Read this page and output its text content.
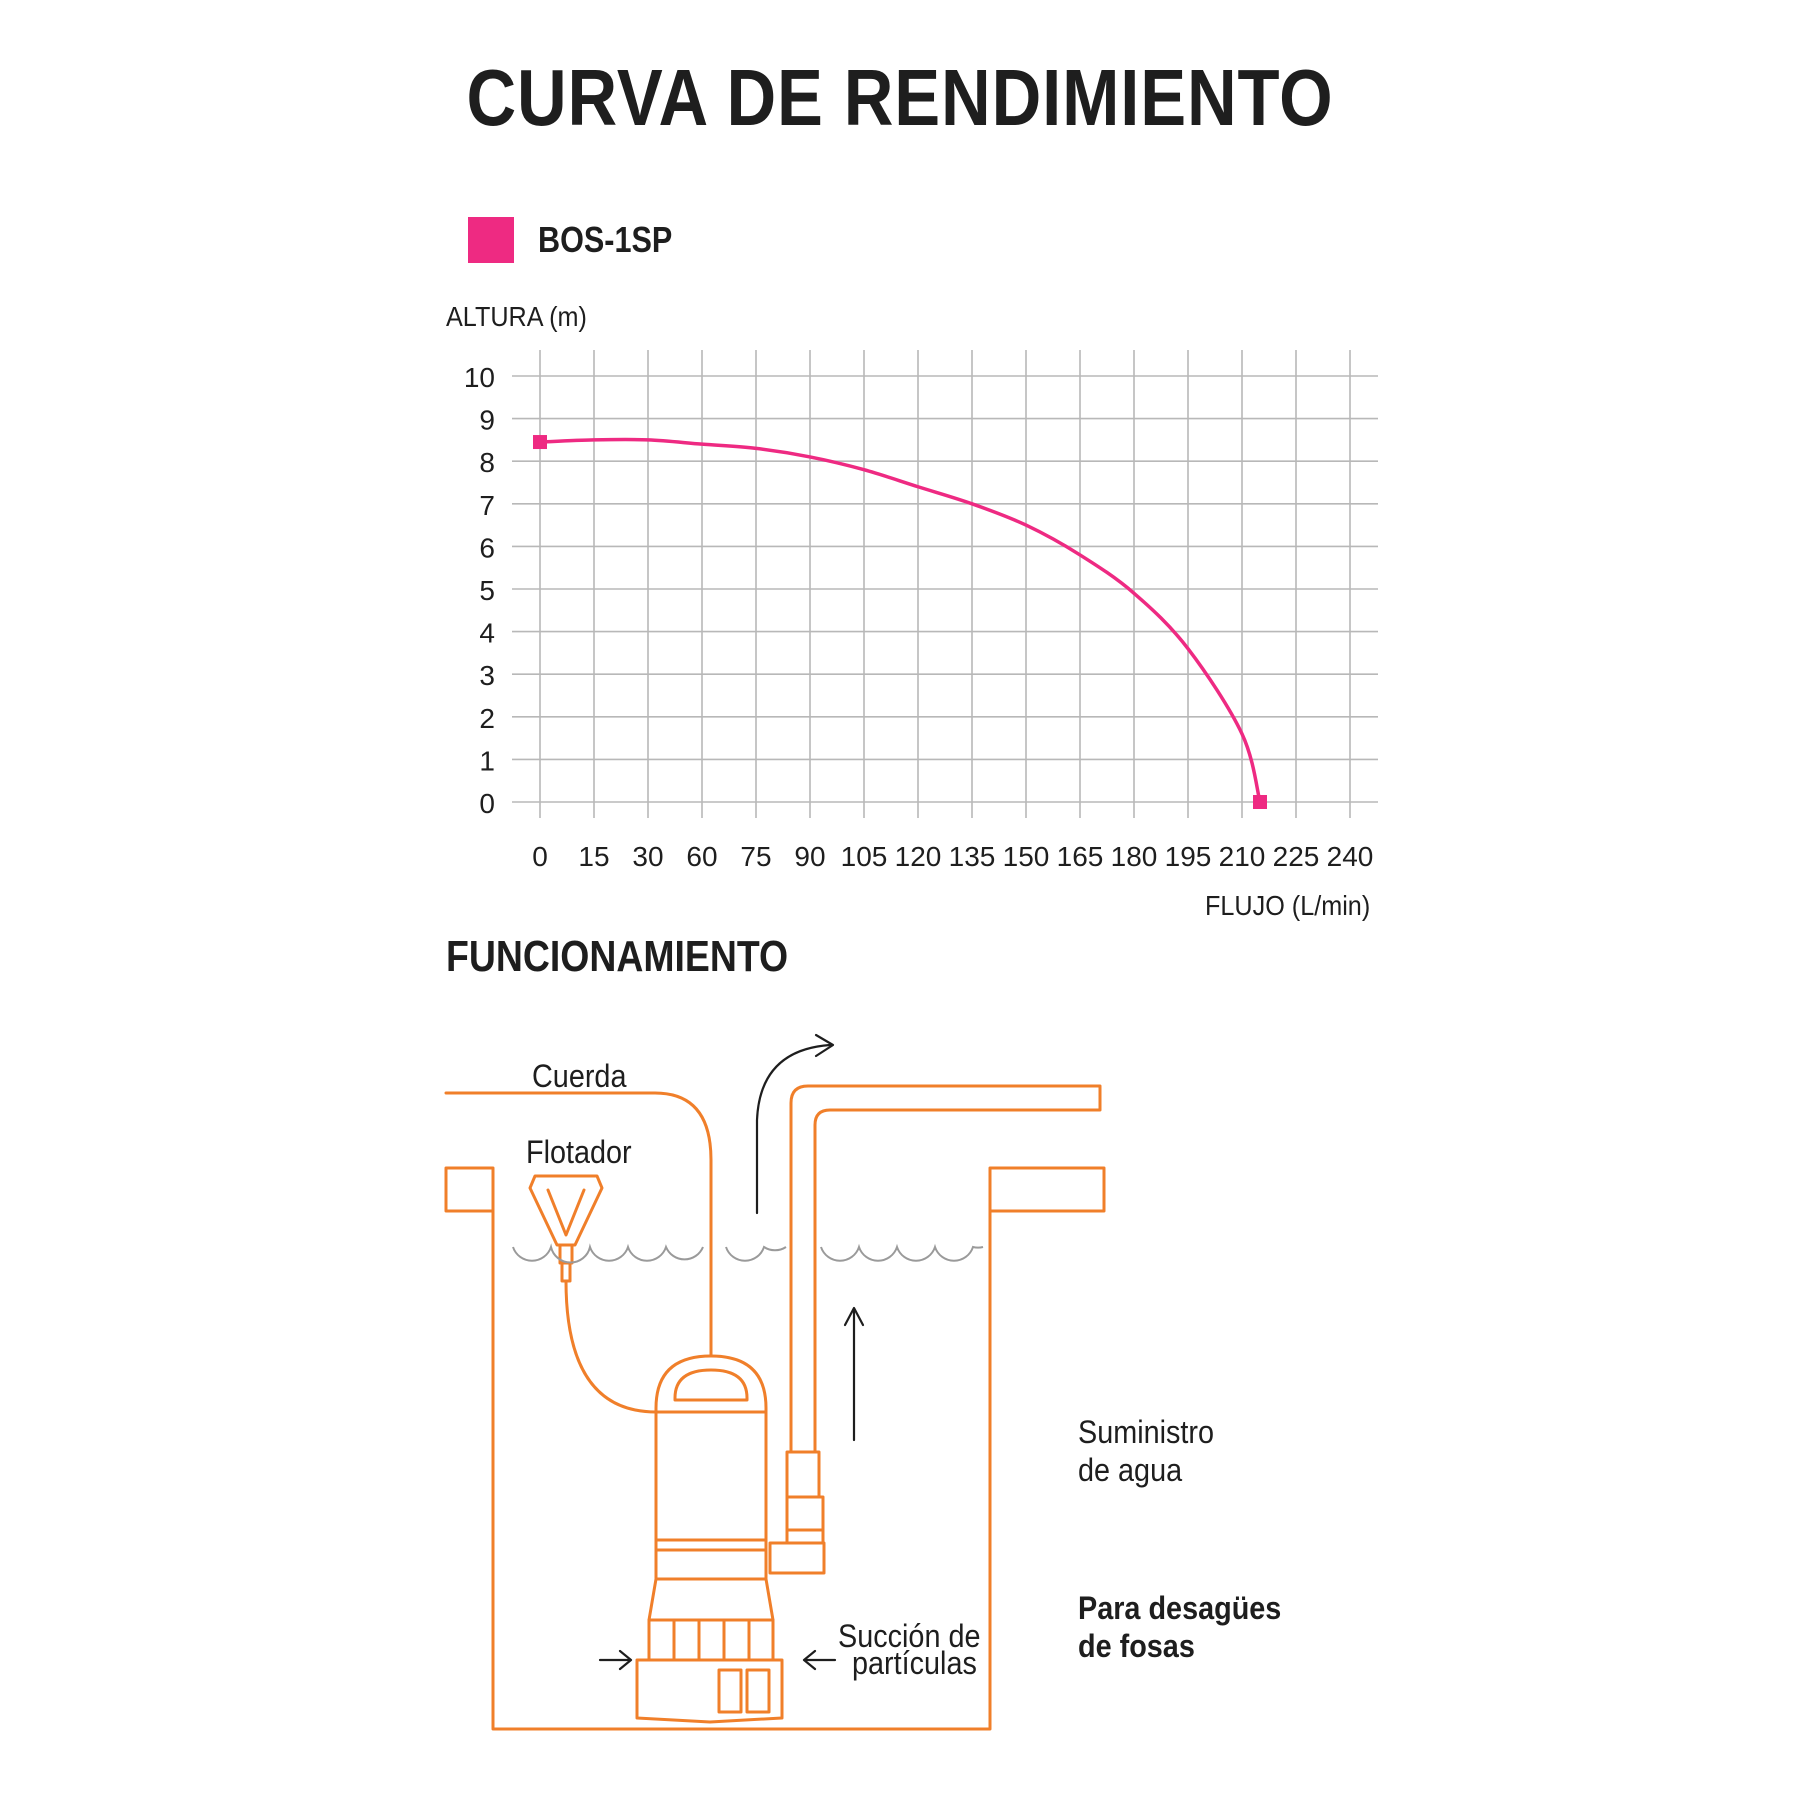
CURVA DE RENDIMIENTO
BOS-1SP
ALTURA (m)
FLUJO (L/min)
10
9
8
7
6
5
4
3
2
1
0
0 15 30 60 75 90 105 120 135 150 165 180 195 210 225 240
FUNCIONAMIENTO
Cuerda
Flotador
Suministro
de agua
Succión de
partículas
Para desagües
de fosas
